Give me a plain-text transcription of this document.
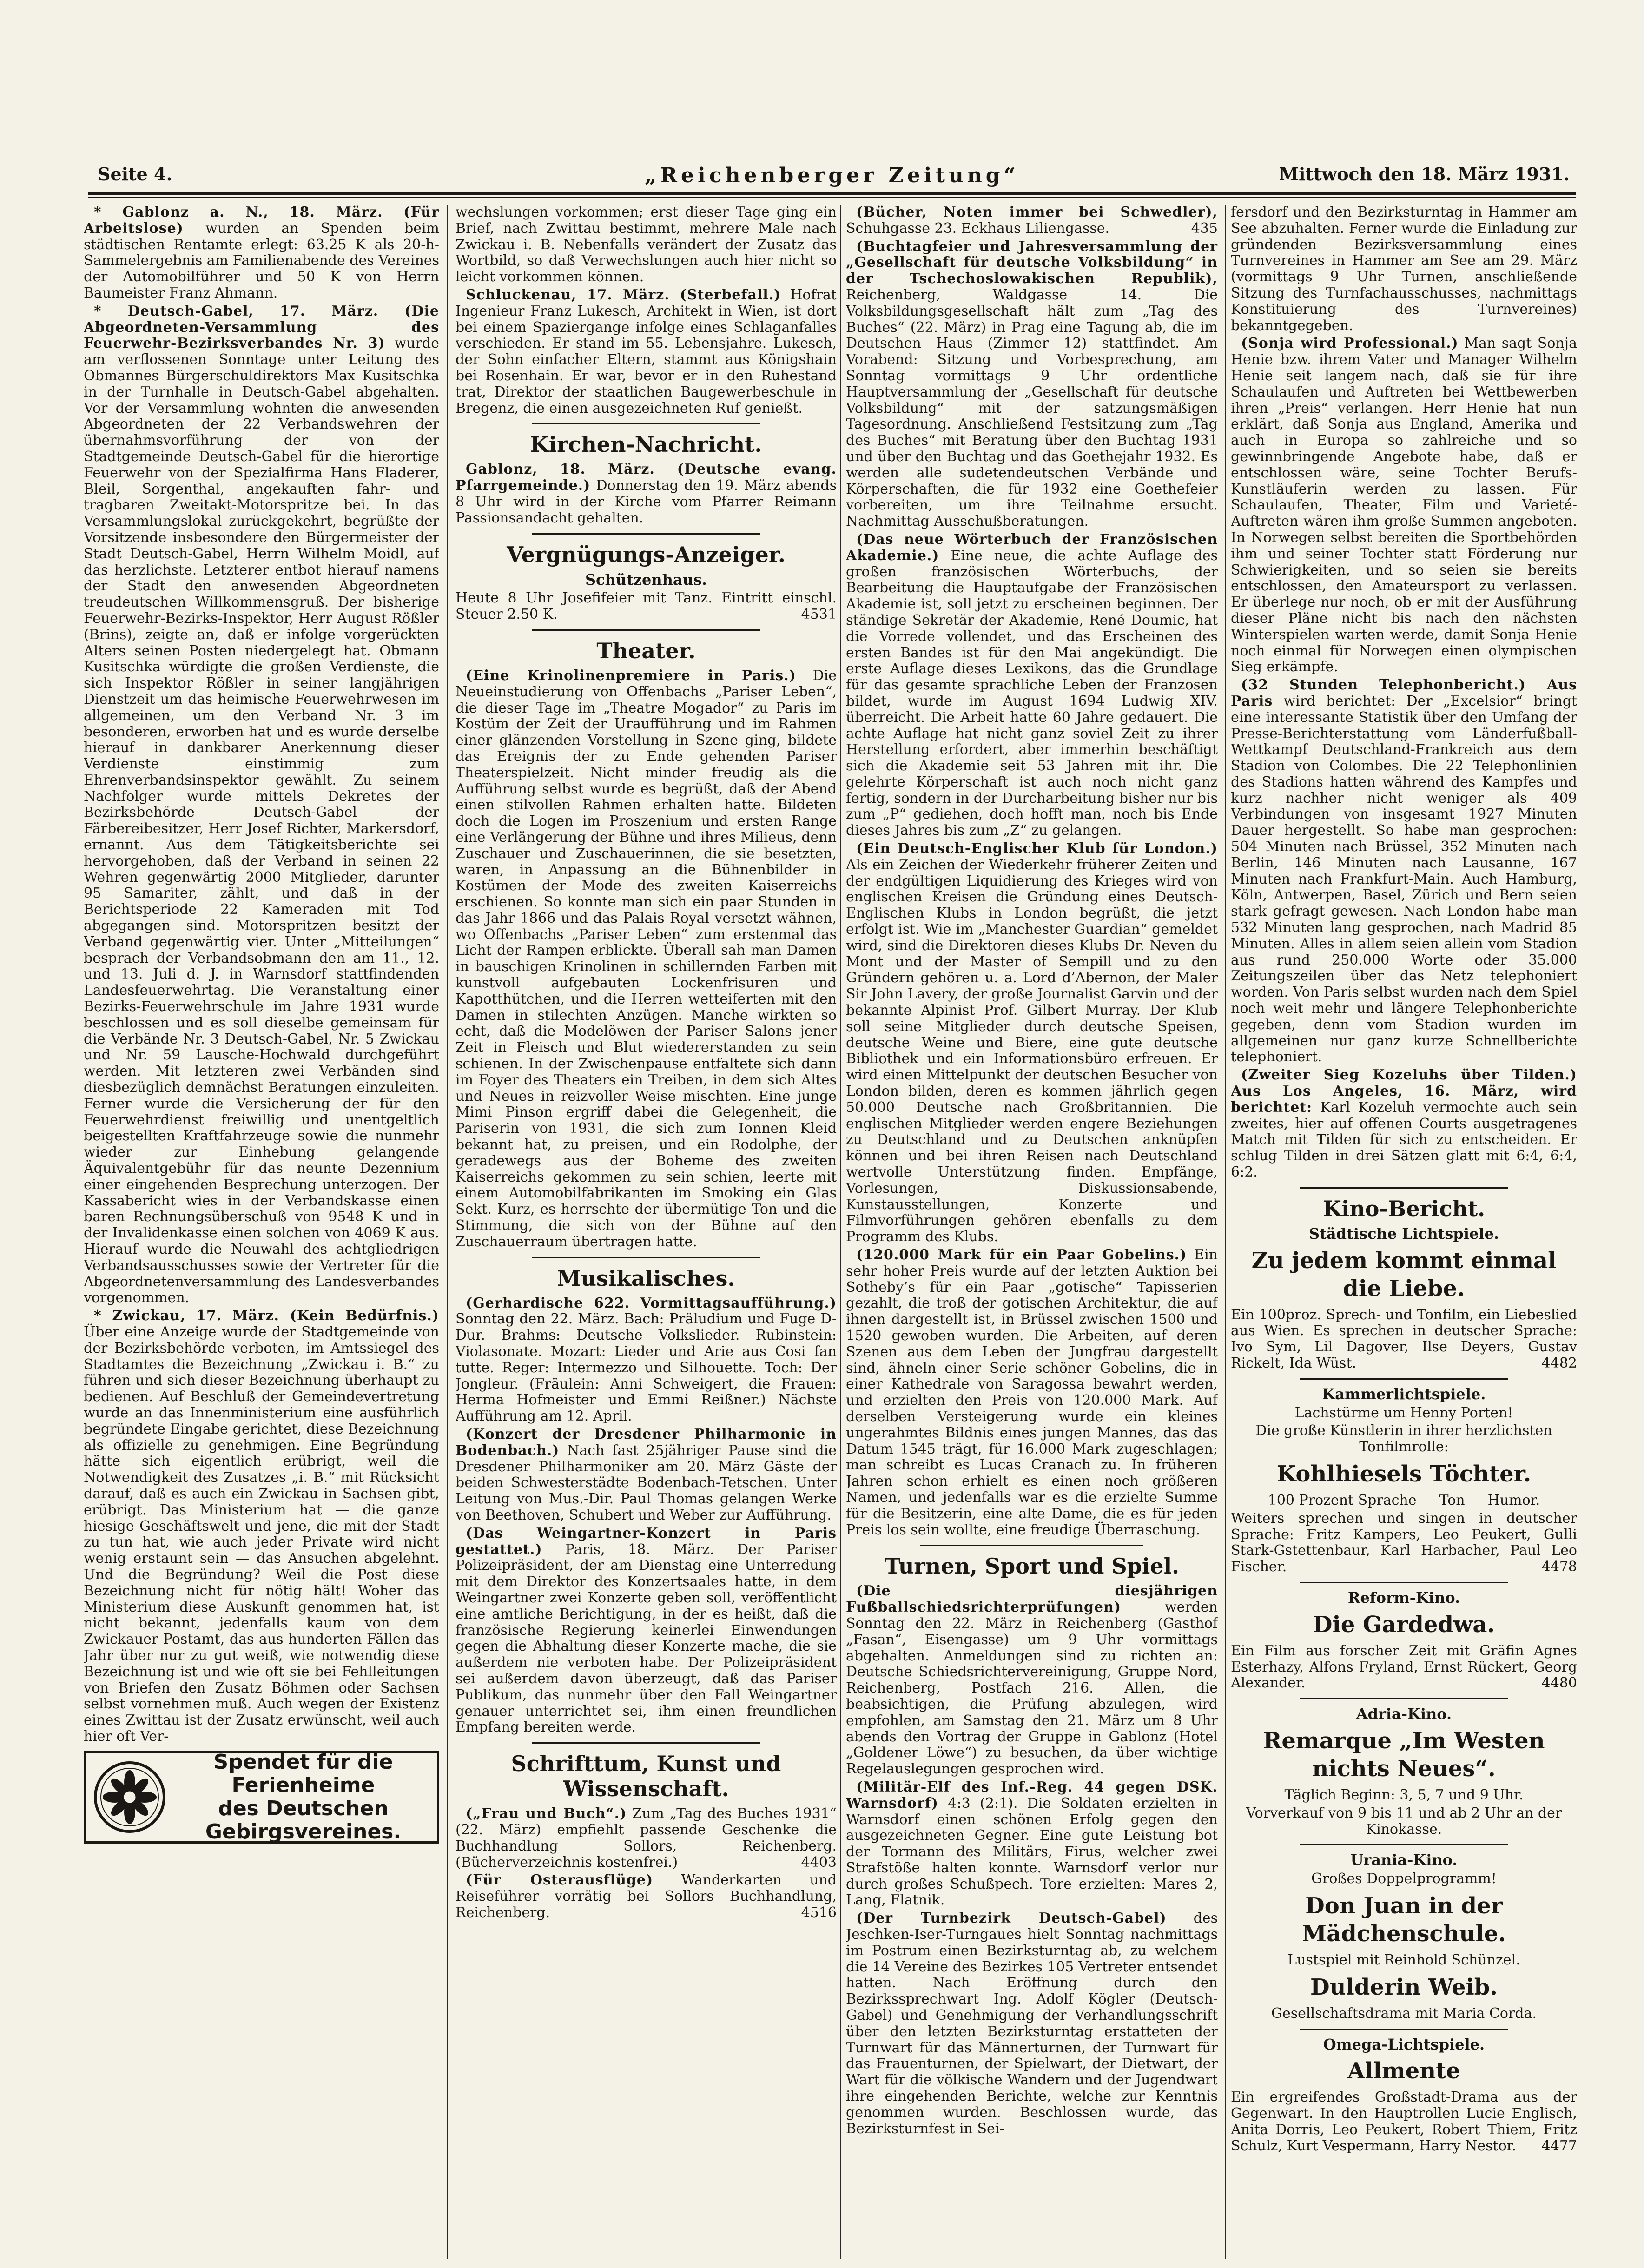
Seite 4.	„Reichenberger Zeitung“	Mittwoch den 18. März 1931.

* Gablonz a. N., 18. März. (Für Arbeitslose) wurden an Spenden beim städtischen Rentamte erlegt: 63.25 K als 20-h-Sammelergebnis am Familienabende des Vereines der Automobilführer und 50 K von Herrn Baumeister Franz Ahmann.

* Deutsch-Gabel, 17. März. (Die Abgeordneten-Versammlung des Feuerwehr-Bezirksverbandes Nr. 3) wurde am verflossenen Sonntage unter Leitung des Obmannes Bürgerschuldirektors Max Kusitschka in der Turnhalle in Deutsch-Gabel abgehalten. Vor der Versammlung wohnten die anwesenden Abgeordneten der 22 Verbandswehren der übernahmsvorführung der von der Stadtgemeinde Deutsch-Gabel für die hierortige Feuerwehr von der Spezialfirma Hans Fladerer, Bleil, Sorgenthal, angekauften fahr- und tragbaren Zweitakt-Motorspritze bei. In das Versammlungslokal zurückgekehrt, begrüßte der Vorsitzende insbesondere den Bürgermeister der Stadt Deutsch-Gabel, Herrn Wilhelm Moidl, auf das herzlichste. Letzterer entbot hierauf namens der Stadt den anwesenden Abgeordneten treudeutschen Willkommensgruß. Der bisherige Feuerwehr-Bezirks-Inspektor, Herr August Rößler (Brins), zeigte an, daß er infolge vorgerückten Alters seinen Posten niedergelegt hat. Obmann Kusitschka würdigte die großen Verdienste, die sich Inspektor Rößler in seiner langjährigen Dienstzeit um das heimische Feuerwehrwesen im allgemeinen, um den Verband Nr. 3 im besonderen, erworben hat und es wurde derselbe hierauf in dankbarer Anerkennung dieser Verdienste einstimmig zum Ehrenverbandsinspektor gewählt. Zu seinem Nachfolger wurde mittels Dekretes der Bezirksbehörde Deutsch-Gabel der Färbereibesitzer, Herr Josef Richter, Markersdorf, ernannt. Aus dem Tätigkeitsberichte sei hervorgehoben, daß der Verband in seinen 22 Wehren gegenwärtig 2000 Mitglieder, darunter 95 Samariter, zählt, und daß in der Berichtsperiode 22 Kameraden mit Tod abgegangen sind. Motorspritzen besitzt der Verband gegenwärtig vier. Unter „Mitteilungen“ besprach der Verbandsobmann den am 11., 12. und 13. Juli d. J. in Warnsdorf stattfindenden Landesfeuerwehrtag. Die Veranstaltung einer Bezirks-Feuerwehrschule im Jahre 1931 wurde beschlossen und es soll dieselbe gemeinsam für die Verbände Nr. 3 Deutsch-Gabel, Nr. 5 Zwickau und Nr. 59 Lausche-Hochwald durchgeführt werden. Mit letzteren zwei Verbänden sind diesbezüglich demnächst Beratungen einzuleiten. Ferner wurde die Versicherung der für den Feuerwehrdienst freiwillig und unentgeltlich beigestellten Kraftfahrzeuge sowie die nunmehr wieder zur Einhebung gelangende Äquivalentgebühr für das neunte Dezennium einer eingehenden Besprechung unterzogen. Der Kassabericht wies in der Verbandskasse einen baren Rechnungsüberschuß von 9548 K und in der Invalidenkasse einen solchen von 4069 K aus. Hierauf wurde die Neuwahl des achtgliedrigen Verbandsausschusses sowie der Vertreter für die Abgeordnetenversammlung des Landesverbandes vorgenommen.

* Zwickau, 17. März. (Kein Bedürfnis.) Über eine Anzeige wurde der Stadtgemeinde von der Bezirksbehörde verboten, im Amtssiegel des Stadtamtes die Bezeichnung „Zwickau i. B.“ zu führen und sich dieser Bezeichnung überhaupt zu bedienen. Auf Beschluß der Gemeindevertretung wurde an das Innenministerium eine ausführlich begründete Eingabe gerichtet, diese Bezeichnung als offizielle zu genehmigen. Eine Begründung hätte sich eigentlich erübrigt, weil die Notwendigkeit des Zusatzes „i. B.“ mit Rücksicht darauf, daß es auch ein Zwickau in Sachsen gibt, erübrigt. Das Ministerium hat — die ganze hiesige Geschäftswelt und jene, die mit der Stadt zu tun hat, wie auch jeder Private wird nicht wenig erstaunt sein — das Ansuchen abgelehnt. Und die Begründung? Weil die Post diese Bezeichnung nicht für nötig hält! Woher das Ministerium diese Auskunft genommen hat, ist nicht bekannt, jedenfalls kaum von dem Zwickauer Postamt, das aus hunderten Fällen das Jahr über nur zu gut weiß, wie notwendig diese Bezeichnung ist und wie oft sie bei Fehlleitungen von Briefen den Zusatz Böhmen oder Sachsen selbst vornehmen muß. Auch wegen der Existenz eines Zwittau ist der Zusatz erwünscht, weil auch hier oft Ver-

Spendet für die
Ferienheime
des Deutschen
Gebirgsvereines.

wechslungen vorkommen; erst dieser Tage ging ein Brief, nach Zwittau bestimmt, mehrere Male nach Zwickau i. B. Nebenfalls verändert der Zusatz das Wortbild, so daß Verwechslungen auch hier nicht so leicht vorkommen können.

Schluckenau, 17. März. (Sterbefall.) Hofrat Ingenieur Franz Lukesch, Architekt in Wien, ist dort bei einem Spaziergange infolge eines Schlaganfalles verschieden. Er stand im 55. Lebensjahre. Lukesch, der Sohn einfacher Eltern, stammt aus Königshain bei Rosenhain. Er war, bevor er in den Ruhestand trat, Direktor der staatlichen Baugewerbeschule in Bregenz, die einen ausgezeichneten Ruf genießt.

Kirchen-Nachricht.

Gablonz, 18. März. (Deutsche evang. Pfarrgemeinde.) Donnerstag den 19. März abends 8 Uhr wird in der Kirche vom Pfarrer Reimann Passionsandacht gehalten.

Vergnügungs-Anzeiger.
Schützenhaus.

Heute 8 Uhr Josefifeier mit Tanz. Eintritt einschl. Steuer 2.50 K.	4531

Theater.

(Eine Krinolinenpremiere in Paris.) Die Neueinstudierung von Offenbachs „Pariser Leben“, die dieser Tage im „Theatre Mogador“ zu Paris im Kostüm der Zeit der Uraufführung und im Rahmen einer glänzenden Vorstellung in Szene ging, bildete das Ereignis der zu Ende gehenden Pariser Theaterspielzeit. Nicht minder freudig als die Aufführung selbst wurde es begrüßt, daß der Abend einen stilvollen Rahmen erhalten hatte. Bildeten doch die Logen im Proszenium und ersten Range eine Verlängerung der Bühne und ihres Milieus, denn Zuschauer und Zuschauerinnen, die sie besetzten, waren, in Anpassung an die Bühnenbilder in Kostümen der Mode des zweiten Kaiserreichs erschienen. So konnte man sich ein paar Stunden in das Jahr 1866 und das Palais Royal versetzt wähnen, wo Offenbachs „Pariser Leben“ zum erstenmal das Licht der Rampen erblickte. Überall sah man Damen in bauschigen Krinolinen in schillernden Farben mit kunstvoll aufgebauten Lockenfrisuren und Kapotthütchen, und die Herren wetteiferten mit den Damen in stilechten Anzügen. Manche wirkten so echt, daß die Modelöwen der Pariser Salons jener Zeit in Fleisch und Blut wiedererstanden zu sein schienen. In der Zwischenpause entfaltete sich dann im Foyer des Theaters ein Treiben, in dem sich Altes und Neues in reizvoller Weise mischten. Eine junge Mimi Pinson ergriff dabei die Gelegenheit, die Pariserin von 1931, die sich zum Ionnen Kleid bekannt hat, zu preisen, und ein Rodolphe, der geradewegs aus der Boheme des zweiten Kaiserreichs gekommen zu sein schien, leerte mit einem Automobilfabrikanten im Smoking ein Glas Sekt. Kurz, es herrschte der übermütige Ton und die Stimmung, die sich von der Bühne auf den Zuschauerraum übertragen hatte.

Musikalisches.

(Gerhardische 622. Vormittagsaufführung.) Sonntag den 22. März. Bach: Präludium und Fuge D-Dur. Brahms: Deutsche Volkslieder. Rubinstein: Violasonate. Mozart: Lieder und Arie aus Cosi fan tutte. Reger: Intermezzo und Silhouette. Toch: Der Jongleur. (Fräulein: Anni Schweigert, die Frauen: Herma Hofmeister und Emmi Reißner.) Nächste Aufführung am 12. April.

(Konzert der Dresdener Philharmonie in Bodenbach.) Nach fast 25jähriger Pause sind die Dresdener Philharmoniker am 20. März Gäste der beiden Schwesterstädte Bodenbach-Tetschen. Unter Leitung von Mus.-Dir. Paul Thomas gelangen Werke von Beethoven, Schubert und Weber zur Aufführung.

(Das Weingartner-Konzert in Paris gestattet.) Paris, 18. März. Der Pariser Polizeipräsident, der am Dienstag eine Unterredung mit dem Direktor des Konzertsaales hatte, in dem Weingartner zwei Konzerte geben soll, veröffentlicht eine amtliche Berichtigung, in der es heißt, daß die französische Regierung keinerlei Einwendungen gegen die Abhaltung dieser Konzerte mache, die sie außerdem nie verboten habe. Der Polizeipräsident sei außerdem davon überzeugt, daß das Pariser Publikum, das nunmehr über den Fall Weingartner genauer unterrichtet sei, ihm einen freundlichen Empfang bereiten werde.

Schrifttum, Kunst und Wissenschaft.

(„Frau und Buch“.) Zum „Tag des Buches 1931“ (22. März) empfiehlt passende Geschenke die Buchhandlung Sollors, Reichenberg. (Bücherverzeichnis kostenfrei.)	4403

(Für Osterausflüge) Wanderkarten und Reiseführer vorrätig bei Sollors Buchhandlung, Reichenberg.	4516

(Bücher, Noten immer bei Schwedler), Schuhgasse 23. Eckhaus Liliengasse.	435

(Buchtagfeier und Jahresversammlung der „Gesellschaft für deutsche Volksbildung“ in der Tschechoslowakischen Republik), Reichenberg, Waldgasse 14. Die Volksbildungsgesellschaft hält zum „Tag des Buches“ (22. März) in Prag eine Tagung ab, die im Deutschen Haus (Zimmer 12) stattfindet. Am Vorabend: Sitzung und Vorbesprechung, am Sonntag vormittags 9 Uhr ordentliche Hauptversammlung der „Gesellschaft für deutsche Volksbildung“ mit der satzungsmäßigen Tagesordnung. Anschließend Festsitzung zum „Tag des Buches“ mit Beratung über den Buchtag 1931 und über den Buchtag und das Goethejahr 1932. Es werden alle sudetendeutschen Verbände und Körperschaften, die für 1932 eine Goethefeier vorbereiten, um ihre Teilnahme ersucht. Nachmittag Ausschußberatungen.

(Das neue Wörterbuch der Französischen Akademie.) Eine neue, die achte Auflage des großen französischen Wörterbuchs, der Bearbeitung die Hauptaufgabe der Französischen Akademie ist, soll jetzt zu erscheinen beginnen. Der ständige Sekretär der Akademie, René Doumic, hat die Vorrede vollendet, und das Erscheinen des ersten Bandes ist für den Mai angekündigt. Die erste Auflage dieses Lexikons, das die Grundlage für das gesamte sprachliche Leben der Franzosen bildet, wurde im August 1694 Ludwig XIV. überreicht. Die Arbeit hatte 60 Jahre gedauert. Die achte Auflage hat nicht ganz soviel Zeit zu ihrer Herstellung erfordert, aber immerhin beschäftigt sich die Akademie seit 53 Jahren mit ihr. Die gelehrte Körperschaft ist auch noch nicht ganz fertig, sondern in der Durcharbeitung bisher nur bis zum „P“ gediehen, doch hofft man, noch bis Ende dieses Jahres bis zum „Z“ zu gelangen.

(Ein Deutsch-Englischer Klub für London.) Als ein Zeichen der Wiederkehr früherer Zeiten und der endgültigen Liquidierung des Krieges wird von englischen Kreisen die Gründung eines Deutsch-Englischen Klubs in London begrüßt, die jetzt erfolgt ist. Wie im „Manchester Guardian“ gemeldet wird, sind die Direktoren dieses Klubs Dr. Neven du Mont und der Master of Sempill und zu den Gründern gehören u. a. Lord d’Abernon, der Maler Sir John Lavery, der große Journalist Garvin und der bekannte Alpinist Prof. Gilbert Murray. Der Klub soll seine Mitglieder durch deutsche Speisen, deutsche Weine und Biere, eine gute deutsche Bibliothek und ein Informationsbüro erfreuen. Er wird einen Mittelpunkt der deutschen Besucher von London bilden, deren es kommen jährlich gegen 50.000 Deutsche nach Großbritannien. Die englischen Mitglieder werden engere Beziehungen zu Deutschland und zu Deutschen anknüpfen können und bei ihren Reisen nach Deutschland wertvolle Unterstützung finden. Empfänge, Vorlesungen, Diskussionsabende, Kunstausstellungen, Konzerte und Filmvorführungen gehören ebenfalls zu dem Programm des Klubs.

(120.000 Mark für ein Paar Gobelins.) Ein sehr hoher Preis wurde auf der letzten Auktion bei Sotheby’s für ein Paar „gotische“ Tapisserien gezahlt, die troß der gotischen Architektur, die auf ihnen dargestellt ist, in Brüssel zwischen 1500 und 1520 gewoben wurden. Die Arbeiten, auf deren Szenen aus dem Leben der Jungfrau dargestellt sind, ähneln einer Serie schöner Gobelins, die in einer Kathedrale von Saragossa bewahrt werden, und erzielten den Preis von 120.000 Mark. Auf derselben Versteigerung wurde ein kleines ungerahmtes Bildnis eines jungen Mannes, das das Datum 1545 trägt, für 16.000 Mark zugeschlagen; man schreibt es Lucas Cranach zu. In früheren Jahren schon erhielt es einen noch größeren Namen, und jedenfalls war es die erzielte Summe für die Besitzerin, eine alte Dame, die es für jeden Preis los sein wollte, eine freudige Überraschung.

Turnen, Sport und Spiel.

(Die diesjährigen Fußballschiedsrichterprüfungen)	werden Sonntag den 22. März in Reichenberg (Gasthof „Fasan“, Eisengasse) um 9 Uhr vormittags abgehalten. Anmeldungen sind zu richten an: Deutsche Schiedsrichtervereinigung, Gruppe Nord, Reichenberg, Postfach 216. Allen, die beabsichtigen, die Prüfung abzulegen, wird empfohlen, am Samstag den 21. März um 8 Uhr abends den Vortrag der Gruppe in Gablonz (Hotel „Goldener Löwe“) zu besuchen, da über wichtige Regelauslegungen gesprochen wird.

(Militär-Elf des Inf.-Reg. 44 gegen DSK. Warnsdorf) 4:3 (2:1). Die Soldaten erzielten in Warnsdorf einen schönen Erfolg gegen den ausgezeichneten Gegner. Eine gute Leistung bot der Tormann des Militärs, Firus, welcher zwei Strafstöße halten konnte. Warnsdorf verlor nur durch großes Schußpech. Tore erzielten: Mares 2, Lang, Flatnik.

(Der Turnbezirk Deutsch-Gabel) des Jeschken-Iser-Turngaues hielt Sonntag nachmittags im Postrum einen Bezirksturntag ab, zu welchem die 14 Vereine des Bezirkes 105 Vertreter entsendet hatten. Nach Eröffnung durch den Bezirkssprechwart Ing. Adolf Kögler (Deutsch-Gabel) und Genehmigung der Verhandlungsschrift über den letzten Bezirksturntag erstatteten der Turnwart für das Männerturnen, der Turnwart für das Frauenturnen, der Spielwart, der Dietwart, der Wart für die völkische Wandern und der Jugendwart ihre eingehenden Berichte, welche zur Kenntnis genommen wurden. Beschlossen wurde, das Bezirksturnfest in Sei-

fersdorf und den Bezirksturntag in Hammer am See abzuhalten. Ferner wurde die Einladung zur gründenden Bezirksversammlung eines Turnvereines in Hammer am See am 29. März (vormittags 9 Uhr Turnen, anschließende Sitzung des Turnfachausschusses, nachmittags Konstituierung des Turnvereines) bekanntgegeben.

(Sonja wird Professional.) Man sagt Sonja Henie bzw. ihrem Vater und Manager Wilhelm Henie seit langem nach, daß sie für ihre Schaulaufen und Auftreten bei Wettbewerben ihren „Preis“ verlangen. Herr Henie hat nun erklärt, daß Sonja aus England, Amerika und auch in Europa so zahlreiche und so gewinnbringende Angebote habe, daß er entschlossen wäre, seine Tochter Berufs-Kunstläuferin werden zu lassen. Für Schaulaufen, Theater, Film und Varieté-Auftreten wären ihm große Summen angeboten. In Norwegen selbst bereiten die Sportbehörden ihm und seiner Tochter statt Förderung nur Schwierigkeiten, und so seien sie bereits entschlossen, den Amateursport zu verlassen. Er überlege nur noch, ob er mit der Ausführung dieser Pläne nicht bis nach den nächsten Winterspielen warten werde, damit Sonja Henie noch einmal für Norwegen einen olympischen Sieg erkämpfe.

(32 Stunden Telephonbericht.) Aus Paris wird berichtet: Der „Excelsior“ bringt eine interessante Statistik über den Umfang der Presse-Berichterstattung vom Länderfußball-Wettkampf Deutschland-Frankreich aus dem Stadion von Colombes. Die 22 Telephonlinien des Stadions hatten während des Kampfes und kurz nachher nicht weniger als 409 Verbindungen von insgesamt 1927 Minuten Dauer hergestellt. So habe man gesprochen: 504 Minuten nach Brüssel, 352 Minuten nach Berlin, 146 Minuten nach Lausanne, 167 Minuten nach Frankfurt-Main. Auch Hamburg, Köln, Antwerpen, Basel, Zürich und Bern seien stark gefragt gewesen. Nach London habe man 532 Minuten lang gesprochen, nach Madrid 85 Minuten. Alles in allem seien allein vom Stadion aus rund 250.000 Worte oder 35.000 Zeitungszeilen über das Netz telephoniert worden. Von Paris selbst wurden nach dem Spiel noch weit mehr und längere Telephonberichte gegeben, denn vom Stadion wurden im allgemeinen nur ganz kurze Schnellberichte telephoniert.

(Zweiter Sieg Kozeluhs über Tilden.) Aus Los Angeles, 16. März, wird berichtet: Karl Kozeluh vermochte auch sein zweites, hier auf offenen Courts ausgetragenes Match mit Tilden für sich zu entscheiden. Er schlug Tilden in drei Sätzen glatt mit 6:4, 6:4, 6:2.

Kino-Bericht.
Städtische Lichtspiele.
Zu jedem kommt einmal die Liebe.

Ein 100proz. Sprech- und Tonfilm, ein Liebeslied aus Wien. Es sprechen in deutscher Sprache: Ivo Sym, Lil Dagover, Ilse Deyers, Gustav Rickelt, Ida Wüst.	4482

Kammerlichtspiele.

Lachstürme um Henny Porten!

Die große Künstlerin in ihrer herzlichsten Tonfilmrolle:

Kohlhiesels Töchter.

100 Prozent Sprache — Ton — Humor.

Weiters sprechen und singen in deutscher Sprache: Fritz Kampers, Leo Peukert, Gulli Stark-Gstettenbaur, Karl Harbacher, Paul Leo Fischer.	4478

Reform-Kino.
Die Gardedwa.

Ein Film aus forscher Zeit mit Gräfin Agnes Esterhazy, Alfons Fryland, Ernst Rückert, Georg Alexander.	4480

Adria-Kino.
Remarque „Im Westen nichts Neues“.

Täglich Beginn: 3, 5, 7 und 9 Uhr.

Vorverkauf von 9 bis 11 und ab 2 Uhr an der Kinokasse.

Urania-Kino.

Großes Doppelprogramm!

Don Juan in der Mädchenschule.

Lustspiel mit Reinhold Schünzel.

Dulderin Weib.

Gesellschaftsdrama mit Maria Corda.

Omega-Lichtspiele.
Allmente

Ein ergreifendes Großstadt-Drama aus der Gegenwart. In den Hauptrollen Lucie Englisch, Anita Dorris, Leo Peukert, Robert Thiem, Fritz Schulz, Kurt Vespermann, Harry Nestor. 4477
